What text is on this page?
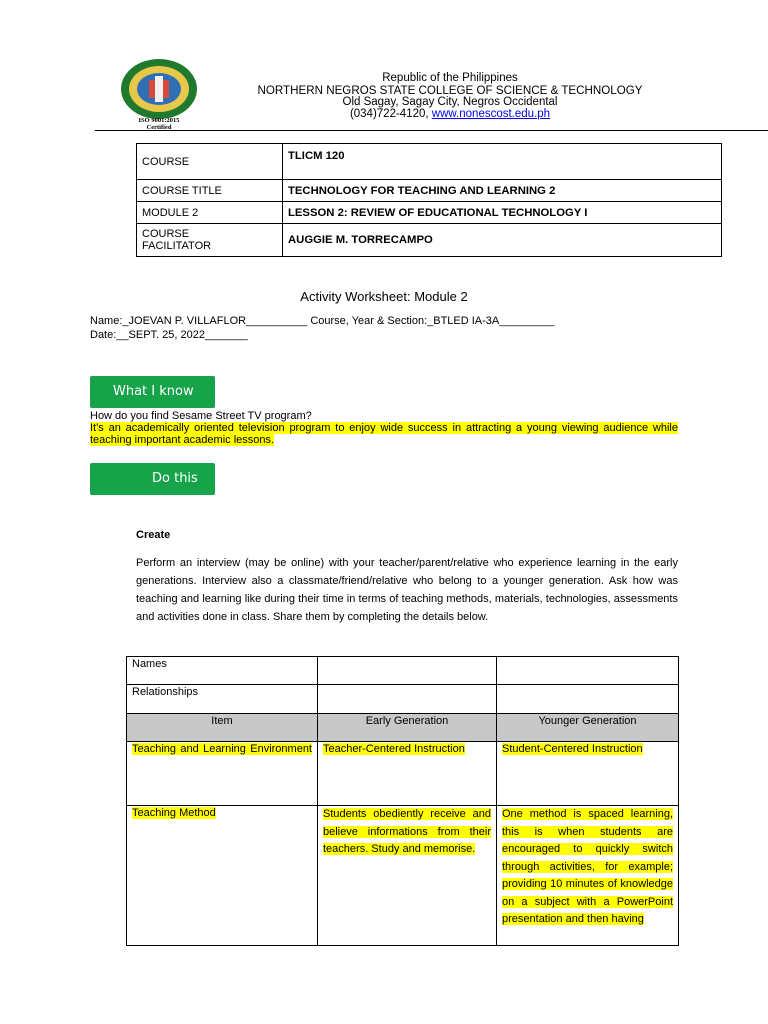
ISO 9001:2015
Certified
Republic of the Philippines
NORTHERN NEGROS STATE COLLEGE OF SCIENCE & TECHNOLOGY
Old Sagay, Sagay City, Negros Occidental
(034)722-4120, www.nonescost.edu.ph
COURSE	TLICM 120
COURSE TITLE	TECHNOLOGY FOR TEACHING AND LEARNING 2
MODULE 2	LESSON 2: REVIEW OF EDUCATIONAL TECHNOLOGY I
COURSE FACILITATOR	AUGGIE M. TORRECAMPO
Activity Worksheet: Module 2
Name:_JOEVAN P. VILLAFLOR__________ Course, Year & Section:_BTLED IA-3A_________
Date:__SEPT. 25, 2022_______
What I know
How do you find Sesame Street TV program?
It's an academically oriented television program to enjoy wide success in attracting a young viewing audience while teaching important academic lessons.
Do this
Create
Perform an interview (may be online) with your teacher/parent/relative who experience learning in the early generations. Interview also a classmate/friend/relative who belong to a younger generation. Ask how was teaching and learning like during their time in terms of teaching methods, materials, technologies, assessments and activities done in class. Share them by completing the details below.
Names		
Relationships		
Item	Early Generation	Younger Generation
Teaching and Learning Environment	Teacher-Centered Instruction	Student-Centered Instruction
Teaching Method	Students obediently receive and believe informations from their teachers. Study and memorise.	One method is spaced learning, this is when students are encouraged to quickly switch through activities, for example; providing 10 minutes of knowledge on a subject with a PowerPoint presentation and then having
